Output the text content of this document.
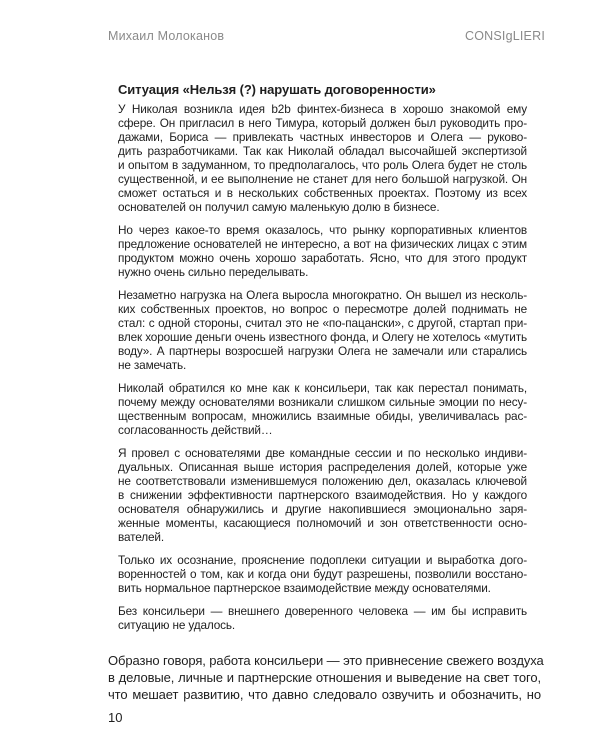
Михаил Молоканов	CONSIgLIERI
Ситуация «Нельзя (?) нарушать договоренности»
У Николая возникла идея b2b финтех-бизнеса в хорошо знакомой ему
сфере. Он пригласил в него Тимура, который должен был руководить про-
дажами, Бориса — привлекать частных инвесторов и Олега — руково-
дить разработчиками. Так как Николай обладал высочайшей экспертизой
и опытом в задуманном, то предполагалось, что роль Олега будет не столь
существенной, и ее выполнение не станет для него большой нагрузкой. Он
сможет остаться и в нескольких собственных проектах. Поэтому из всех
основателей он получил самую маленькую долю в бизнесе.
Но через какое-то время оказалось, что рынку корпоративных клиентов
предложение основателей не интересно, а вот на физических лицах с этим
продуктом можно очень хорошо заработать. Ясно, что для этого продукт
нужно очень сильно переделывать.
Незаметно нагрузка на Олега выросла многократно. Он вышел из несколь-
ких собственных проектов, но вопрос о пересмотре долей поднимать не
стал: с одной стороны, считал это не «по-пацански», с другой, стартап при-
влек хорошие деньги очень известного фонда, и Олегу не хотелось «мутить
воду». А партнеры возросшей нагрузки Олега не замечали или старались
не замечать.
Николай обратился ко мне как к консильери, так как перестал понимать,
почему между основателями возникали слишком сильные эмоции по несу-
щественным вопросам, множились взаимные обиды, увеличивалась рас-
согласованность действий…
Я провел с основателями две командные сессии и по несколько индиви-
дуальных. Описанная выше история распределения долей, которые уже
не соответствовали изменившемуся положению дел, оказалась ключевой
в снижении эффективности партнерского взаимодействия. Но у каждого
основателя обнаружились и другие накопившиеся эмоционально заря-
женные моменты, касающиеся полномочий и зон ответственности осно-
вателей.
Только их осознание, прояснение подоплеки ситуации и выработка дого-
воренностей о том, как и когда они будут разрешены, позволили восстано-
вить нормальное партнерское взаимодействие между основателями.
Без консильери — внешнего доверенного человека — им бы исправить
ситуацию не удалось.
Образно говоря, работа консильери — это привнесение свежего воздуха
в деловые, личные и партнерские отношения и выведение на свет того,
что мешает развитию, что давно следовало озвучить и обозначить, но
10
